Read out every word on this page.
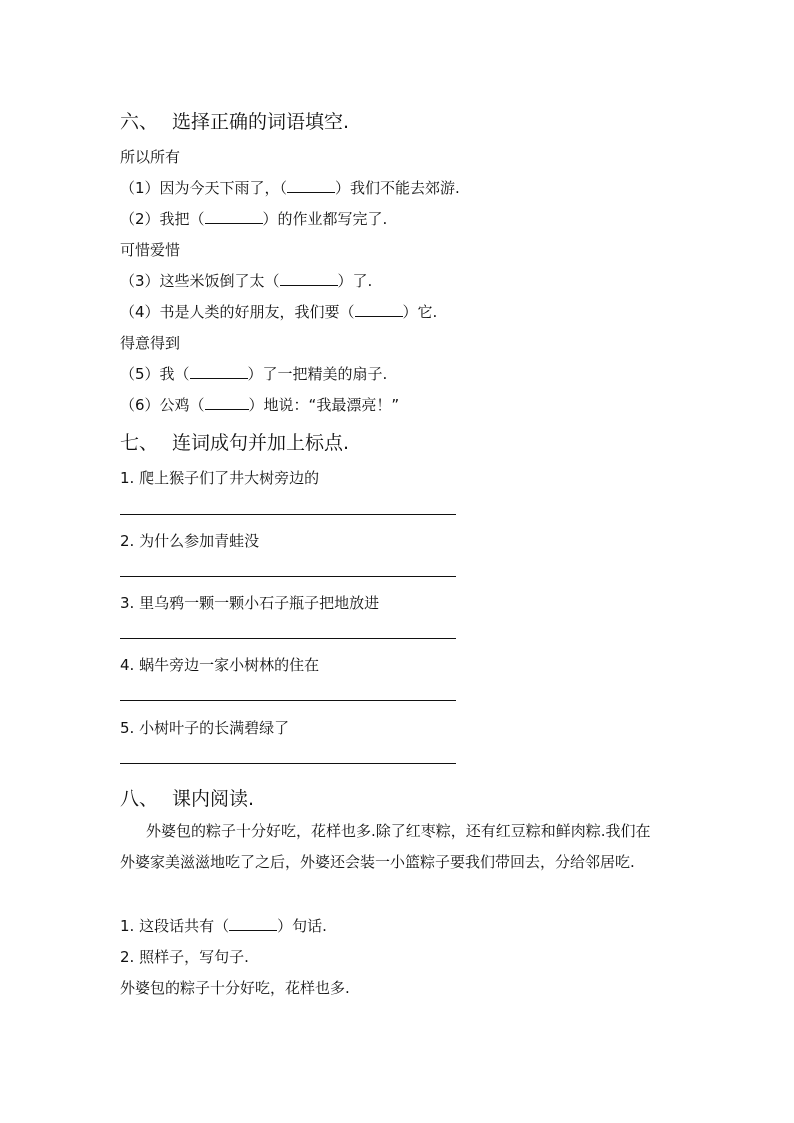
六、 选择正确的词语填空.
所以所有
（1）因为今天下雨了，（	）我们不能去郊游.
（2）我把（	）的作业都写完了.
可惜爱惜
（3）这些米饭倒了太（	）了.
（4）书是人类的好朋友，我们要（	）它.
得意得到
（5）我（	）了一把精美的扇子.
（6）公鸡（	）地说：“我最漂亮！”
七、 连词成句并加上标点.
1. 爬上猴子们了井大树旁边的
2. 为什么参加青蛙没
3. 里乌鸦一颗一颗小石子瓶子把地放进
4. 蜗牛旁边一家小树林的住在
5. 小树叶子的长满碧绿了
八、 课内阅读.
外婆包的粽子十分好吃，花样也多.除了红枣粽，还有红豆粽和鲜肉粽.我们在外婆家美滋滋地吃了之后，外婆还会装一小篮粽子要我们带回去，分给邻居吃.
1. 这段话共有（	）句话.
2. 照样子，写句子.
外婆包的粽子十分好吃，花样也多.
